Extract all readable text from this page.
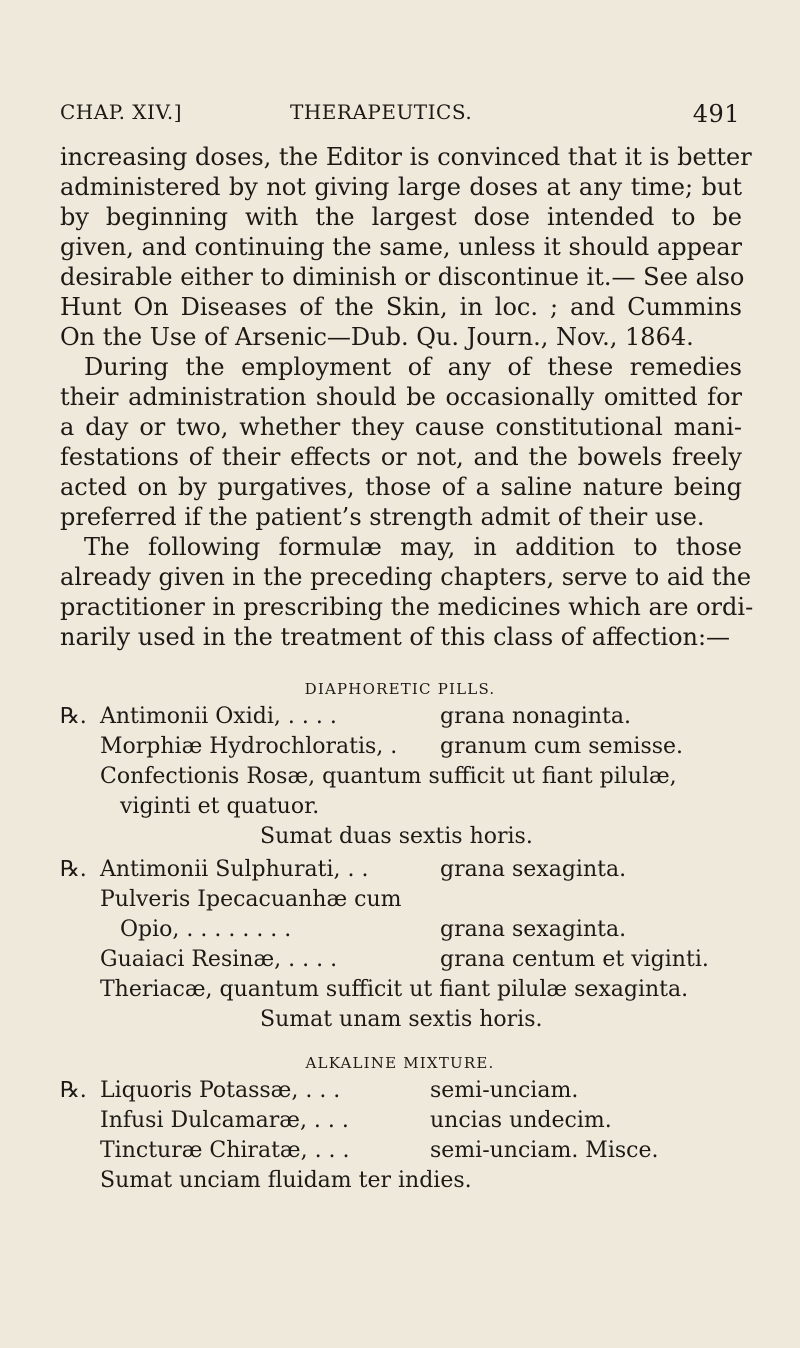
CHAP. XIV.]	THERAPEUTICS.	491
increasing doses, the Editor is convinced that it is better
administered by not giving large doses at any time; but
by beginning with the largest dose intended to be
given, and continuing the same, unless it should appear
desirable either to diminish or discontinue it.— See also
Hunt On Diseases of the Skin, in loc. ; and Cummins
On the Use of Arsenic—Dub. Qu. Journ., Nov., 1864.
During the employment of any of these remedies
their administration should be occasionally omitted for
a day or two, whether they cause constitutional mani-
festations of their effects or not, and the bowels freely
acted on by purgatives, those of a saline nature being
preferred if the patient’s strength admit of their use.
The following formulæ may, in addition to those
already given in the preceding chapters, serve to aid the
practitioner in prescribing the medicines which are ordi-
narily used in the treatment of this class of affection:—
DIAPHORETIC PILLS.
℞. Antimonii Oxidi, . . . .	grana nonaginta.
Morphiæ Hydrochloratis, . granum cum semisse.
Confectionis Rosæ, quantum sufficit ut fiant pilulæ,
viginti et quatuor.
Sumat duas sextis horis.
℞. Antimonii Sulphurati, . .	grana sexaginta.
Pulveris Ipecacuanhæ cum
Opio, . . . . . . . .	grana sexaginta.
Guaiaci Resinæ, . . . .	grana centum et viginti.
Theriacæ, quantum sufficit ut fiant pilulæ sexaginta.
Sumat unam sextis horis.
ALKALINE MIXTURE.
℞. Liquoris Potassæ, . . .	semi-unciam.
Infusi Dulcamaræ, . . .	uncias undecim.
Tincturæ Chiratæ, . . .	semi-unciam. Misce.
Sumat unciam fluidam ter indies.
